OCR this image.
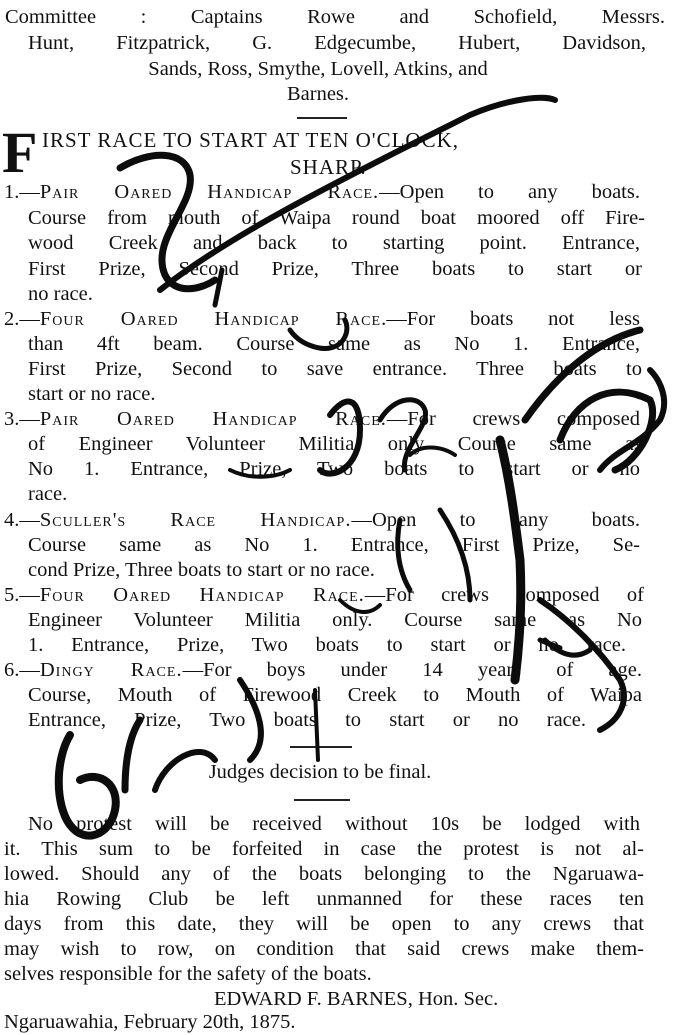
Committee : Captains Rowe and Schofield, Messrs.
Hunt, Fitzpatrick, G. Edgecumbe, Hubert, Davidson,
Sands, Ross, Smythe, Lovell, Atkins, and
Barnes.
F IRST RACE TO START AT TEN O'CLOCK,
SHARP.
1.—Pair Oared Handicap Race.—Open to any boats.
Course from mouth of Waipa round boat moored off Fire-
wood Creek and back to starting point. Entrance,
First Prize, Second Prize, Three boats to start or
no race.
2.—Four Oared Handicap Race.—For boats not less
than 4ft beam. Course same as No 1. Entrance,
First Prize, Second to save entrance. Three boats to
start or no race.
3.—Pair Oared Handicap Race.—For crews composed
of Engineer Volunteer Militia only Course same as
No 1. Entrance, Prize, Two boats to start or no
race.
4.—Sculler's Race Handicap.—Open to any boats.
Course same as No 1. Entrance, First Prize, Se-
cond Prize, Three boats to start or no race.
5.—Four Oared Handicap Race.—For crews composed of
Engineer Volunteer Militia only. Course same as No
1. Entrance, Prize, Two boats to start or no race.
6.—Dingy Race.—For boys under 14 years of age.
Course, Mouth of Firewood Creek to Mouth of Waipa
Entrance, Prize, Two boats to start or no race.
Judges decision to be final.
No protest will be received without 10s be lodged with
it. This sum to be forfeited in case the protest is not al-
lowed. Should any of the boats belonging to the Ngaruawa-
hia Rowing Club be left unmanned for these races ten
days from this date, they will be open to any crews that
may wish to row, on condition that said crews make them-
selves responsible for the safety of the boats.
EDWARD F. BARNES, Hon. Sec.
Ngaruawahia, February 20th, 1875.
